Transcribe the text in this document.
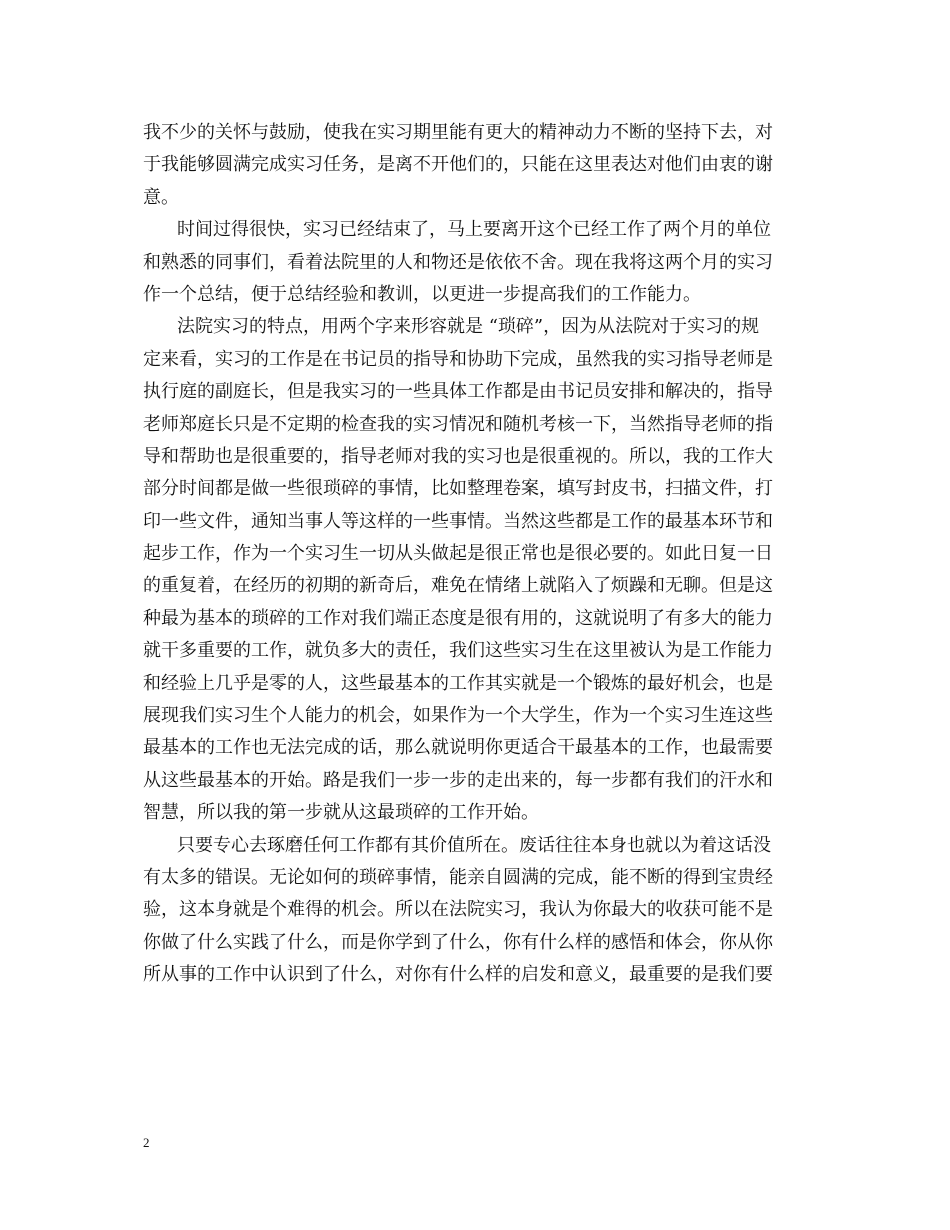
我不少的关怀与鼓励，使我在实习期里能有更大的精神动力不断的坚持下去，对
于我能够圆满完成实习任务，是离不开他们的，只能在这里表达对他们由衷的谢
意。
时间过得很快，实习已经结束了，马上要离开这个已经工作了两个月的单位
和熟悉的同事们，看着法院里的人和物还是依依不舍。现在我将这两个月的实习
作一个总结，便于总结经验和教训，以更进一步提高我们的工作能力。
法院实习的特点，用两个字来形容就是 “琐碎”，因为从法院对于实习的规
定来看，实习的工作是在书记员的指导和协助下完成，虽然我的实习指导老师是
执行庭的副庭长，但是我实习的一些具体工作都是由书记员安排和解决的，指导
老师郑庭长只是不定期的检查我的实习情况和随机考核一下，当然指导老师的指
导和帮助也是很重要的，指导老师对我的实习也是很重视的。所以，我的工作大
部分时间都是做一些很琐碎的事情，比如整理卷案，填写封皮书，扫描文件，打
印一些文件，通知当事人等这样的一些事情。当然这些都是工作的最基本环节和
起步工作，作为一个实习生一切从头做起是很正常也是很必要的。如此日复一日
的重复着，在经历的初期的新奇后，难免在情绪上就陷入了烦躁和无聊。但是这
种最为基本的琐碎的工作对我们端正态度是很有用的，这就说明了有多大的能力
就干多重要的工作，就负多大的责任，我们这些实习生在这里被认为是工作能力
和经验上几乎是零的人，这些最基本的工作其实就是一个锻炼的最好机会，也是
展现我们实习生个人能力的机会，如果作为一个大学生，作为一个实习生连这些
最基本的工作也无法完成的话，那么就说明你更适合干最基本的工作，也最需要
从这些最基本的开始。路是我们一步一步的走出来的，每一步都有我们的汗水和
智慧，所以我的第一步就从这最琐碎的工作开始。
只要专心去琢磨任何工作都有其价值所在。废话往往本身也就以为着这话没
有太多的错误。无论如何的琐碎事情，能亲自圆满的完成，能不断的得到宝贵经
验，这本身就是个难得的机会。所以在法院实习，我认为你最大的收获可能不是
你做了什么实践了什么，而是你学到了什么，你有什么样的感悟和体会，你从你
所从事的工作中认识到了什么，对你有什么样的启发和意义，最重要的是我们要
2
